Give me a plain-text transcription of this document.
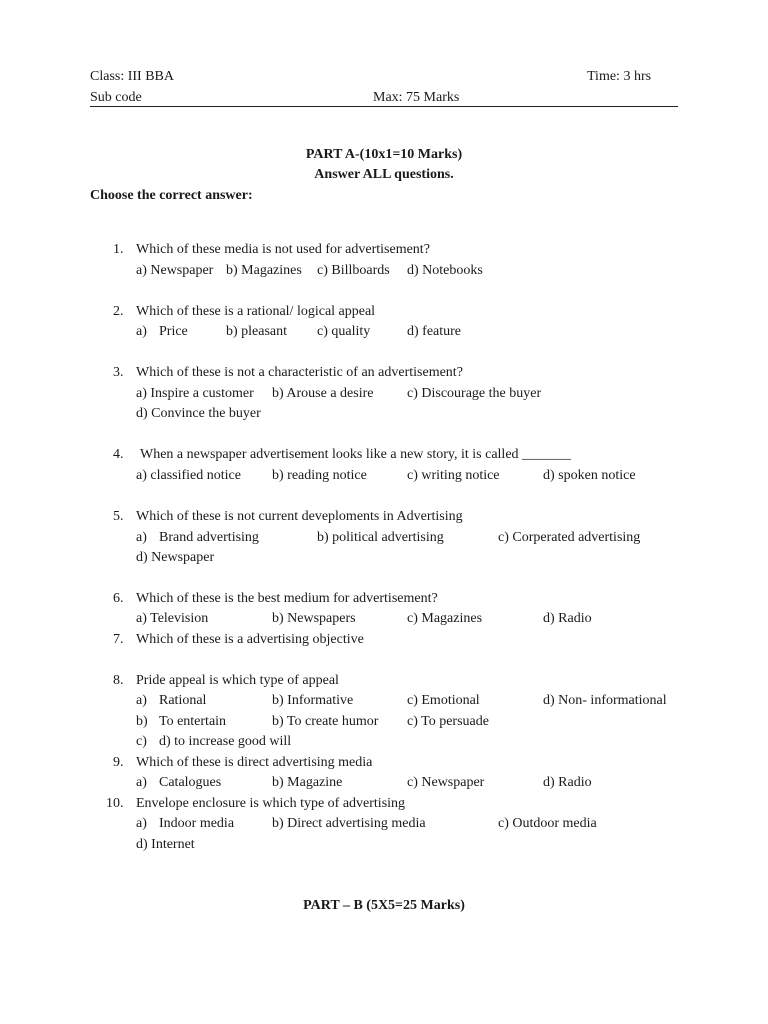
Class: III BBA	Time: 3 hrs
Sub code	Max: 75 Marks
PART A-(10x1=10 Marks)
Answer ALL questions.
Choose the correct answer:
1. Which of these media is not used for advertisement?
a) Newspaper b) Magazines c) Billboards d) Notebooks
2. Which of these is a rational/ logical appeal
a) Price	b) pleasant c) quality	d) feature
3. Which of these is not a characteristic of an advertisement?
a) Inspire a customer b) Arouse a desire c) Discourage the buyer
d) Convince the buyer
4. When a newspaper advertisement looks like a new story, it is called _______
a) classified notice b) reading notice	c) writing notice	d) spoken notice
5. Which of these is not current deveploments in Advertising
a) Brand advertising	b) political advertising	c) Corperated advertising
d) Newspaper
6. Which of these is the best medium for advertisement?
a) Television	b) Newspapers	c) Magazines	d) Radio
7. Which of these is a advertising objective
8. Pride appeal is which type of appeal
a) Rational	b) Informative	c) Emotional	d) Non- informational
b) To entertain	b) To create humor c) To persuade
c) d) to increase good will
9. Which of these is direct advertising media
a) Catalogues	b) Magazine	c) Newspaper	d) Radio
10. Envelope enclosure is which type of advertising
a) Indoor media	b) Direct advertising media	c) Outdoor media
d) Internet
PART – B (5X5=25 Marks)
